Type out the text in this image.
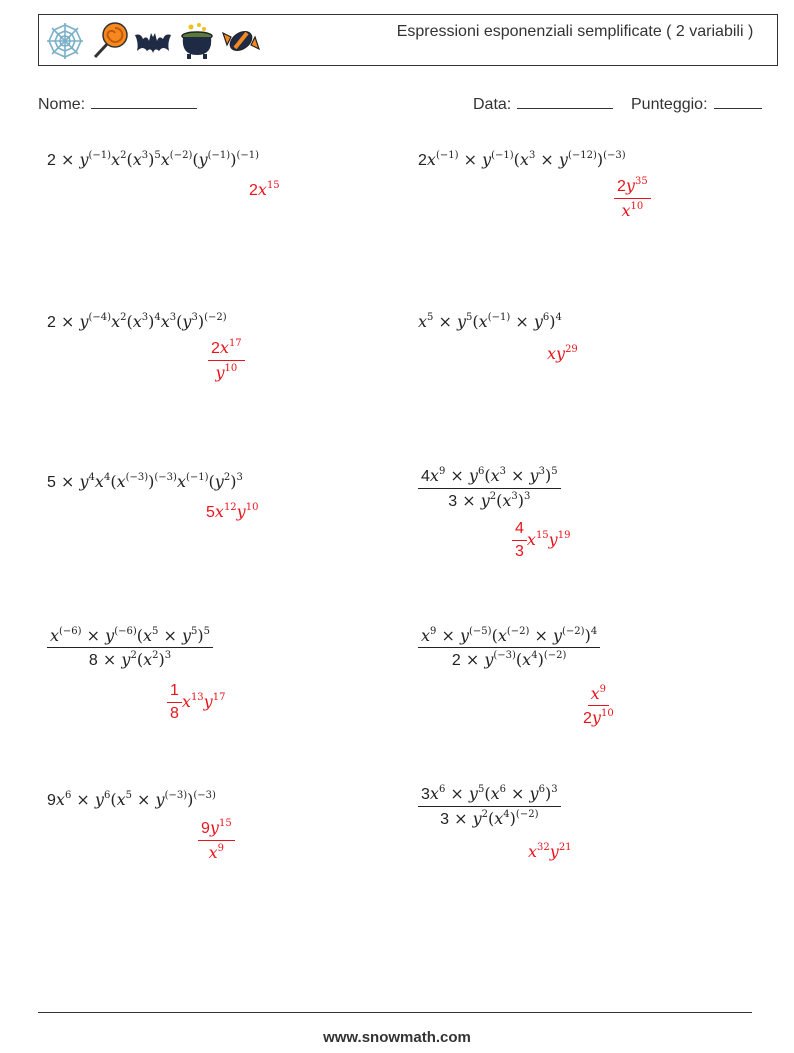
Espressioni esponenziali semplificate ( 2 variabili )
Nome:	Data:	Punteggio:
$2 \times y^{(-1)}x^2(x^3)^5x^{(-2)}(y^{(-1)})^{(-1)}$
$2x^{15}$
$2x^{(-1)} \times y^{(-1)}(x^3 \times y^{(-12)})^{(-3)}$
$\frac{2y^{35}}{x^{10}}$
$2 \times y^{(-4)}x^2(x^3)^4x^3(y^3)^{(-2)}$
$\frac{2x^{17}}{y^{10}}$
$x^5 \times y^5(x^{(-1)} \times y^6)^4$
$xy^{29}$
$5 \times y^4x^4(x^{(-3)})^{(-3)}x^{(-1)}(y^2)^3$
$5x^{12}y^{10}$	$\frac{4x^9 \times y^6(x^3 \times y^3)^5}{3 \times y^2(x^3)^3}$
$\frac{4}{3} x^{15}y^{19}$
$\frac{x^{(-6)} \times y^{(-6)}(x^5 \times y^5)^5}{8 \times y^2(x^2)^3}$
$\frac{1}{8} x^{13}y^{17}$
$\frac{x^9 \times y^{(-5)}(x^{(-2)} \times y^{(-2)})^4}{2 \times y^{(-3)}(x^4)^{(-2)}}$
$\frac{x^9}{2y^{10}}$
$9x^6 \times y^6(x^5 \times y^{(-3)})^{(-3)}$
$\frac{9y^{15}}{x^9}$
$\frac{3x^6 \times y^5(x^6 \times y^6)^3}{3 \times y^2(x^4)^{(-2)}}$
$x^{32}y^{21}$
www.snowmath.com
